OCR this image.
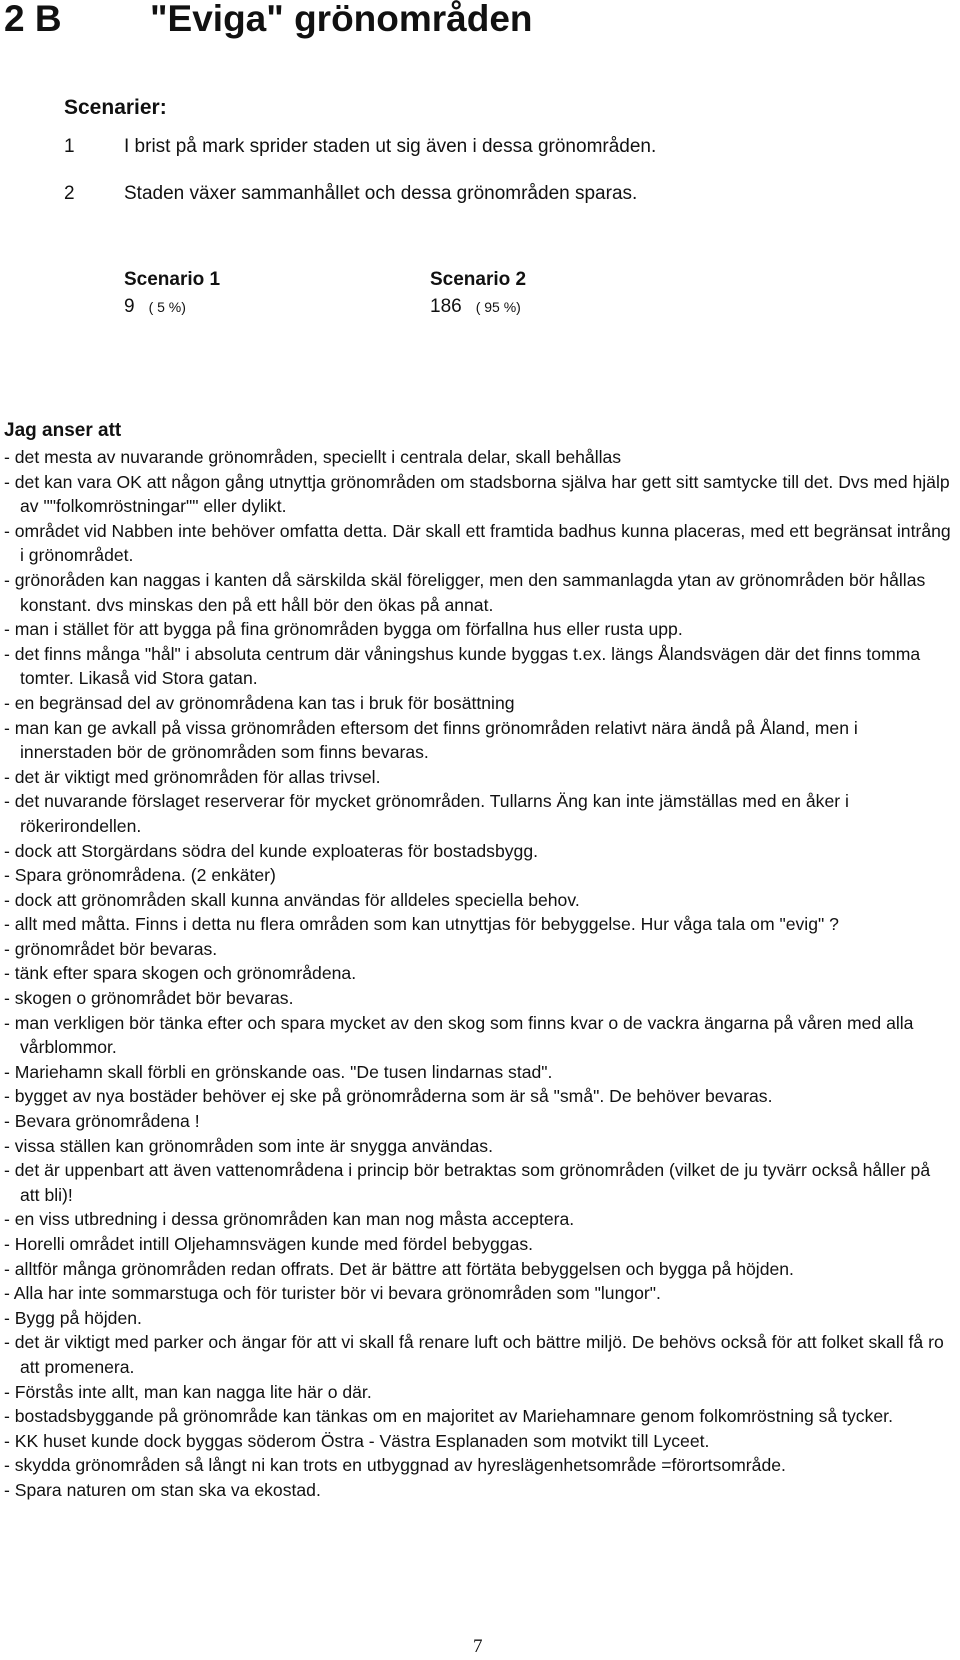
2 B "Eviga" grönområden
Scenarier:
1	I brist på mark sprider staden ut sig även i dessa grönområden.
2	Staden växer sammanhållet och dessa grönområden sparas.
Scenario 1
9 ( 5 %)
Scenario 2
186 ( 95 %)
Jag anser att
- det mesta av nuvarande grönområden, speciellt i centrala delar, skall behållas
- det kan vara OK att någon gång utnyttja grönområden om stadsborna själva har gett sitt samtycke till det. Dvs med hjälp av ""folkomröstningar"" eller dylikt.
- området vid Nabben inte behöver omfatta detta. Där skall ett framtida badhus kunna placeras, med ett begränsat intrång i grönområdet.
- grönoråden kan naggas i kanten då särskilda skäl föreligger, men den sammanlagda ytan av grönområden bör hållas konstant. dvs minskas den på ett håll bör den ökas på annat.
- man i stället för att bygga på fina grönområden bygga om förfallna hus eller rusta upp.
- det finns många "hål" i absoluta centrum där våningshus kunde byggas t.ex. längs Ålandsvägen där det finns tomma tomter. Likaså vid Stora gatan.
- en begränsad del av grönområdena kan tas i bruk för bosättning
- man kan ge avkall på vissa grönområden eftersom det finns grönområden relativt nära ändå på Åland, men i innerstaden bör de grönområden som finns bevaras.
- det är viktigt med grönområden för allas trivsel.
- det nuvarande förslaget reserverar för mycket grönområden. Tullarns Äng kan inte jämställas med en åker i rökerirondellen.
- dock att Storgärdans södra del kunde exploateras för bostadsbygg.
- Spara grönområdena. (2 enkäter)
- dock att grönområden skall kunna användas för alldeles speciella behov.
- allt med måtta. Finns i detta nu flera områden som kan utnyttjas för bebyggelse. Hur våga tala om "evig" ?
- grönområdet bör bevaras.
- tänk efter spara skogen och grönområdena.
- skogen o grönområdet bör bevaras.
- man verkligen bör tänka efter och spara mycket av den skog som finns kvar o de vackra ängarna på våren med alla vårblommor.
- Mariehamn skall förbli en grönskande oas. "De tusen lindarnas stad".
- bygget av nya bostäder behöver ej ske på grönområderna som är så "små". De behöver bevaras.
- Bevara grönområdena !
- vissa ställen kan grönområden som inte är snygga användas.
- det är uppenbart att även vattenområdena i princip bör betraktas som grönområden (vilket de ju tyvärr också håller på att bli)!
- en viss utbredning i dessa grönområden kan man nog måsta acceptera.
- Horelli området intill Oljehamnsvägen kunde med fördel bebyggas.
- alltför många grönområden redan offrats. Det är bättre att förtäta bebyggelsen och bygga på höjden.
- Alla har inte sommarstuga och för turister bör vi bevara grönområden som "lungor".
- Bygg på höjden.
- det är viktigt med parker och ängar för att vi skall få renare luft och bättre miljö. De behövs också för att folket skall få ro att promenera.
- Förstås inte allt, man kan nagga lite här o där.
- bostadsbyggande på grönområde kan tänkas om en majoritet av Mariehamnare genom folkomröstning så tycker.
- KK huset kunde dock byggas söderom Östra - Västra Esplanaden som motvikt till Lyceet.
- skydda grönområden så långt ni kan trots en utbyggnad av hyreslägenhetsområde =förortsområde.
- Spara naturen om stan ska va ekostad.
7
